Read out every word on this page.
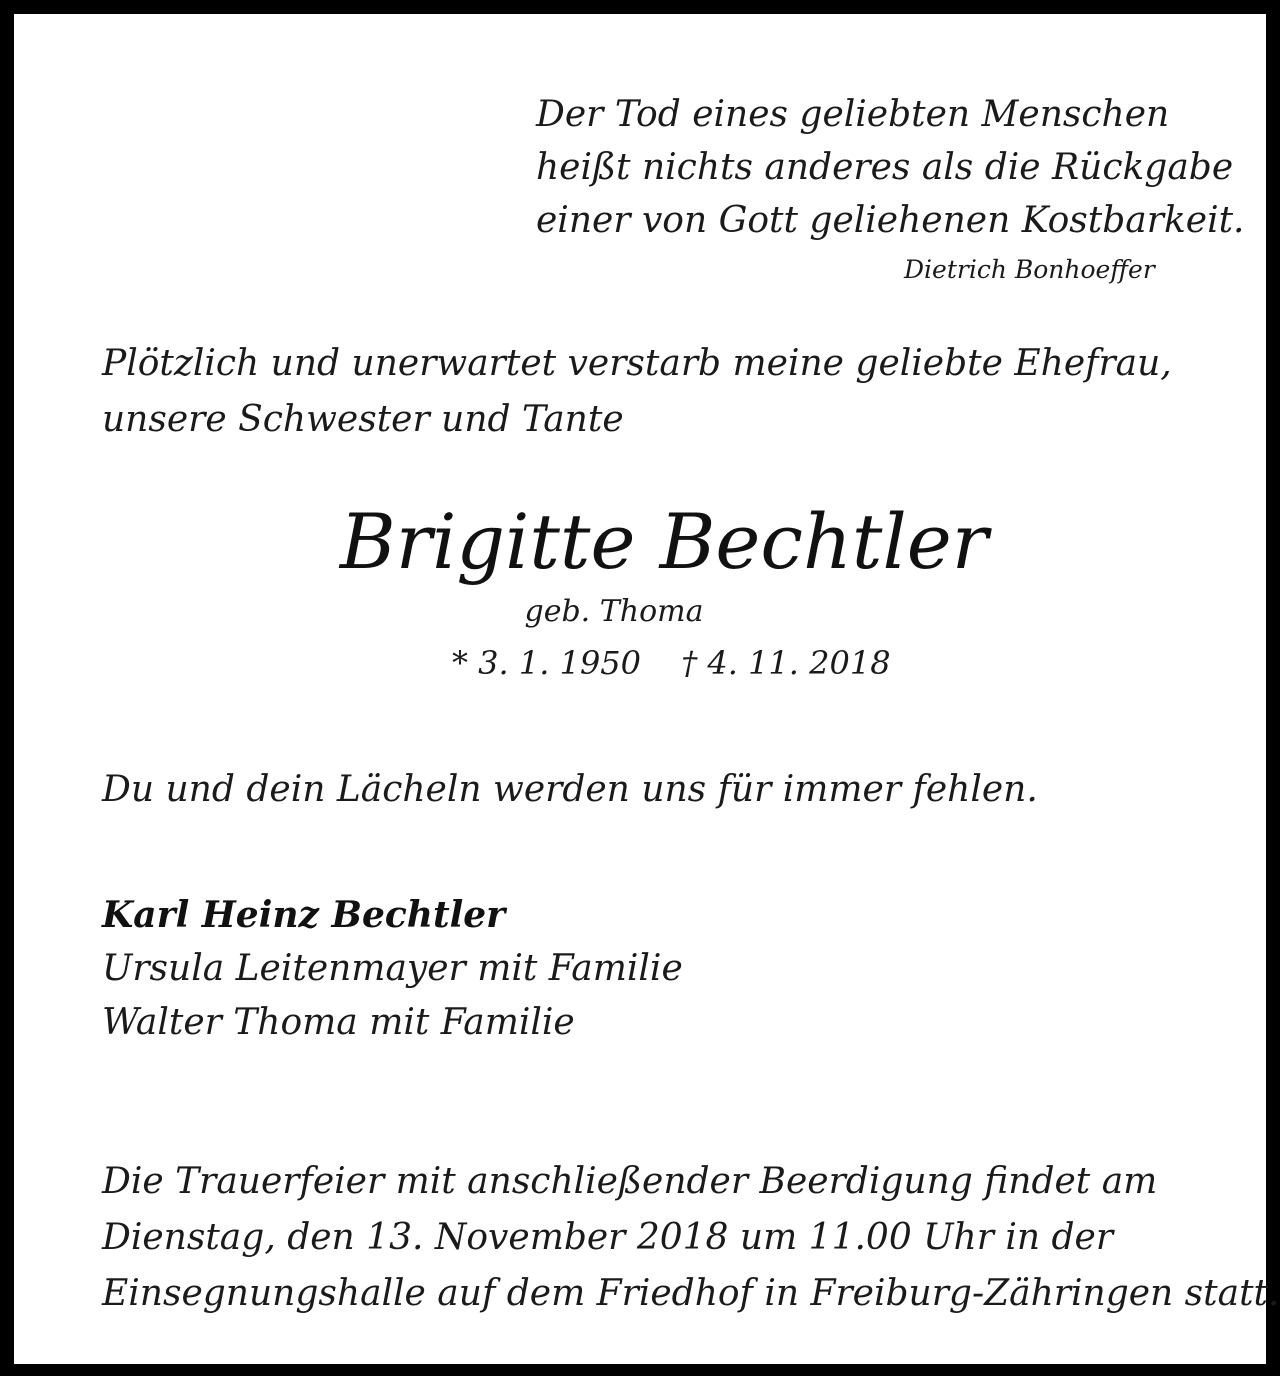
Der Tod eines geliebten Menschen
heißt nichts anderes als die Rückgabe
einer von Gott geliehenen Kostbarkeit.
Dietrich Bonhoeffer
Plötzlich und unerwartet verstarb meine geliebte Ehefrau,
unsere Schwester und Tante
Brigitte Bechtler
geb. Thoma
* 3. 1. 1950 † 4. 11. 2018
Du und dein Lächeln werden uns für immer fehlen.
Karl Heinz Bechtler
Ursula Leitenmayer mit Familie
Walter Thoma mit Familie
Die Trauerfeier mit anschließender Beerdigung findet am
Dienstag, den 13. November 2018 um 11.00 Uhr in der
Einsegnungshalle auf dem Friedhof in Freiburg-Zähringen statt.
